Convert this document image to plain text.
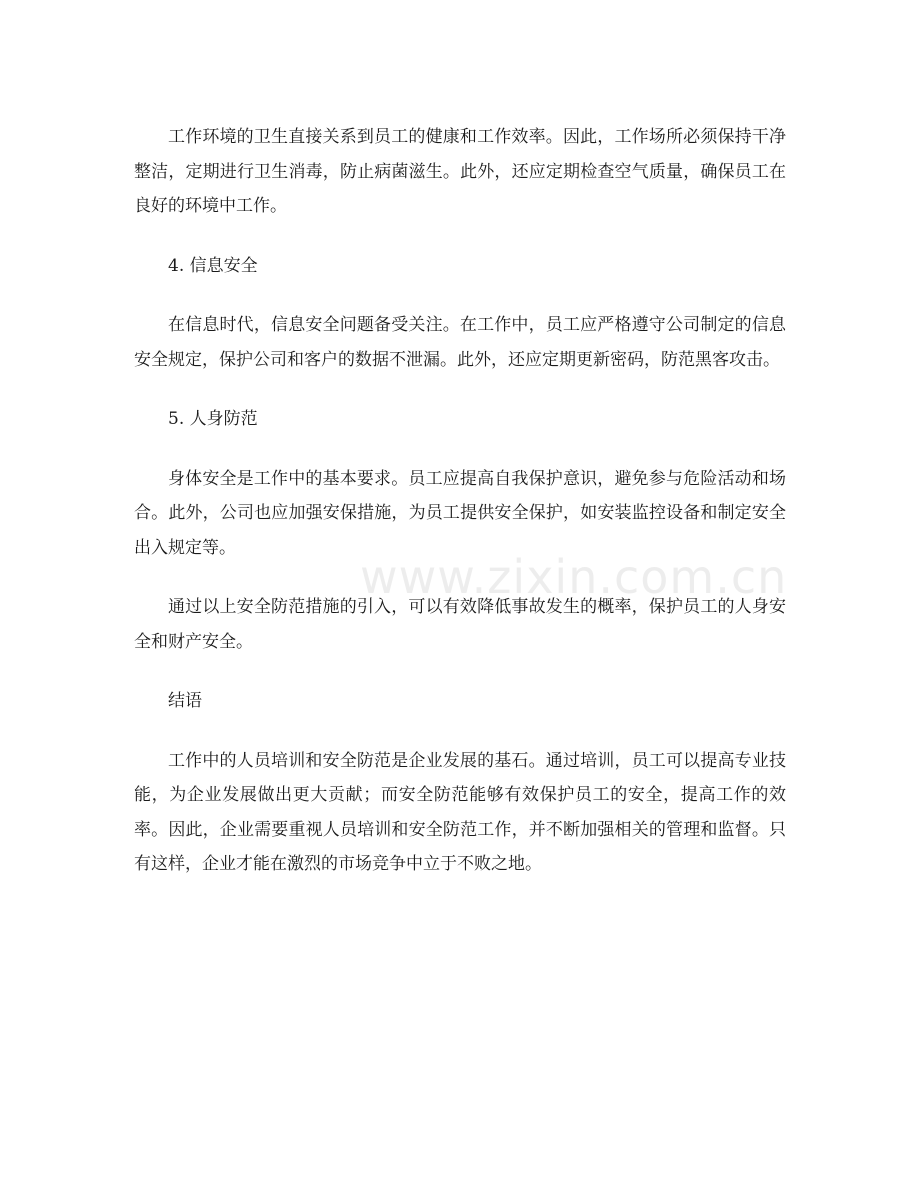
工作环境的卫生直接关系到员工的健康和工作效率。因此，工作场所必须保持干净整洁，定期进行卫生消毒，防止病菌滋生。此外，还应定期检查空气质量，确保员工在良好的环境中工作。

4. 信息安全

在信息时代，信息安全问题备受关注。在工作中，员工应严格遵守公司制定的信息安全规定，保护公司和客户的数据不泄漏。此外，还应定期更新密码，防范黑客攻击。

5. 人身防范

身体安全是工作中的基本要求。员工应提高自我保护意识，避免参与危险活动和场合。此外，公司也应加强安保措施，为员工提供安全保护，如安装监控设备和制定安全出入规定等。

通过以上安全防范措施的引入，可以有效降低事故发生的概率，保护员工的人身安全和财产安全。

结语

工作中的人员培训和安全防范是企业发展的基石。通过培训，员工可以提高专业技能，为企业发展做出更大贡献；而安全防范能够有效保护员工的安全，提高工作的效率。因此，企业需要重视人员培训和安全防范工作，并不断加强相关的管理和监督。只有这样，企业才能在激烈的市场竞争中立于不败之地。

www.zixin.com.cn
